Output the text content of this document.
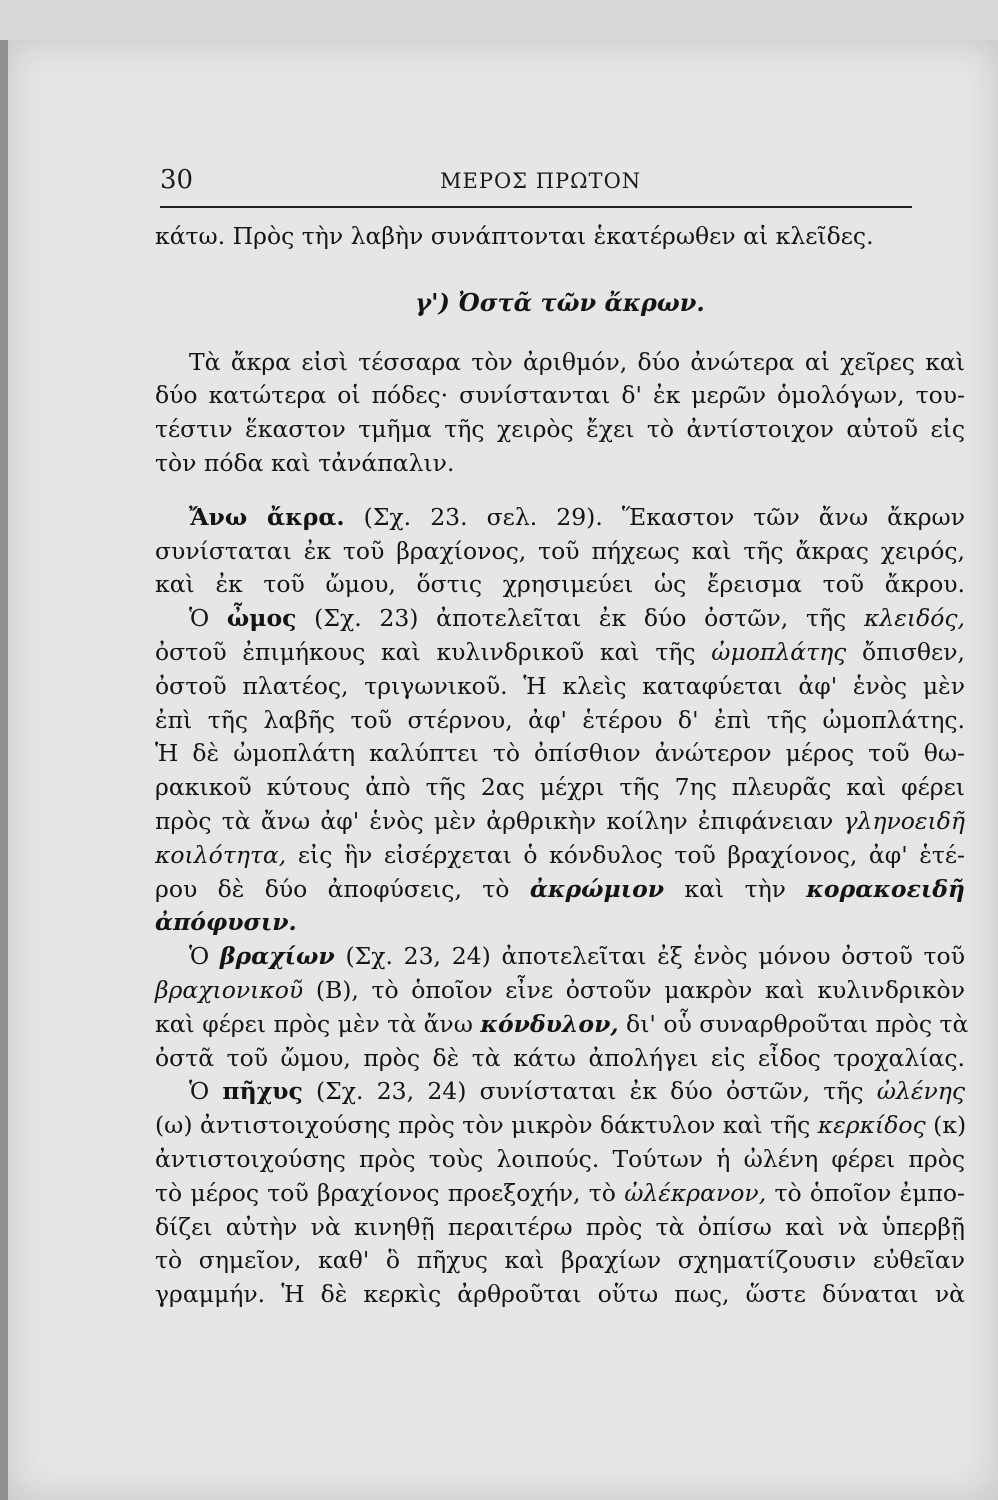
30	ΜΕΡΟΣ ΠΡΩΤΟΝ
κάτω. Πρὸς τὴν λαβὴν συνάπτονται ἑκατέρωθεν αἱ κλεῖδες.
γ') Ὀστᾶ τῶν ἄκρων.
Τὰ ἄκρα εἰσὶ τέσσαρα τὸν ἀριθμόν, δύο ἀνώτερα αἱ χεῖρες καὶ
δύο κατώτερα οἱ πόδες· συνίστανται δ' ἐκ μερῶν ὁμολόγων, του-
τέστιν ἕκαστον τμῆμα τῆς χειρὸς ἔχει τὸ ἀντίστοιχον αὐτοῦ εἰς
τὸν πόδα καὶ τἀνάπαλιν.
Ἄνω ἄκρα. (Σχ. 23. σελ. 29). Ἕκαστον τῶν ἄνω ἄκρων
συνίσταται ἐκ τοῦ βραχίονος, τοῦ πήχεως καὶ τῆς ἄκρας χειρός,
καὶ ἐκ τοῦ ὤμου, ὅστις χρησιμεύει ὡς ἔρεισμα τοῦ ἄκρου.
Ὁ ὦμος (Σχ. 23) ἀποτελεῖται ἐκ δύο ὀστῶν, τῆς κλειδός,
ὀστοῦ ἐπιμήκους καὶ κυλινδρικοῦ καὶ τῆς ὠμοπλάτης ὄπισθεν,
ὀστοῦ πλατέος, τριγωνικοῦ. Ἡ κλεὶς καταφύεται ἀφ' ἑνὸς μὲν
ἐπὶ τῆς λαβῆς τοῦ στέρνου, ἀφ' ἑτέρου δ' ἐπὶ τῆς ὠμοπλάτης.
Ἡ δὲ ὠμοπλάτη καλύπτει τὸ ὀπίσθιον ἀνώτερον μέρος τοῦ θω-
ρακικοῦ κύτους ἀπὸ τῆς 2ας μέχρι τῆς 7ης πλευρᾶς καὶ φέρει
πρὸς τὰ ἄνω ἀφ' ἑνὸς μὲν ἀρθρικὴν κοίλην ἐπιφάνειαν γληνοειδῆ
κοιλότητα, εἰς ἣν εἰσέρχεται ὁ κόνδυλος τοῦ βραχίονος, ἀφ' ἑτέ-
ρου δὲ δύο ἀποφύσεις, τὸ ἀκρώμιον καὶ τὴν κορακοειδῆ
ἀπόφυσιν.
Ὁ βραχίων (Σχ. 23, 24) ἀποτελεῖται ἐξ ἑνὸς μόνου ὀστοῦ τοῦ
βραχιονικοῦ (Β), τὸ ὁποῖον εἶνε ὀστοῦν μακρὸν καὶ κυλινδρικὸν
καὶ φέρει πρὸς μὲν τὰ ἄνω κόνδυλον, δι' οὗ συναρθροῦται πρὸς τὰ
ὀστᾶ τοῦ ὤμου, πρὸς δὲ τὰ κάτω ἀπολήγει εἰς εἶδος τροχαλίας.
Ὁ πῆχυς (Σχ. 23, 24) συνίσταται ἐκ δύο ὀστῶν, τῆς ὠλένης
(ω) ἀντιστοιχούσης πρὸς τὸν μικρὸν δάκτυλον καὶ τῆς κερκίδος (κ)
ἀντιστοιχούσης πρὸς τοὺς λοιπούς. Τούτων ἡ ὠλένη φέρει πρὸς
τὸ μέρος τοῦ βραχίονος προεξοχήν, τὸ ὠλέκρανον, τὸ ὁποῖον ἐμπο-
δίζει αὐτὴν νὰ κινηθῇ περαιτέρω πρὸς τὰ ὀπίσω καὶ νὰ ὑπερβῇ
τὸ σημεῖον, καθ' ὃ πῆχυς καὶ βραχίων σχηματίζουσιν εὐθεῖαν
γραμμήν. Ἡ δὲ κερκὶς ἀρθροῦται οὕτω πως, ὥστε δύναται νὰ
